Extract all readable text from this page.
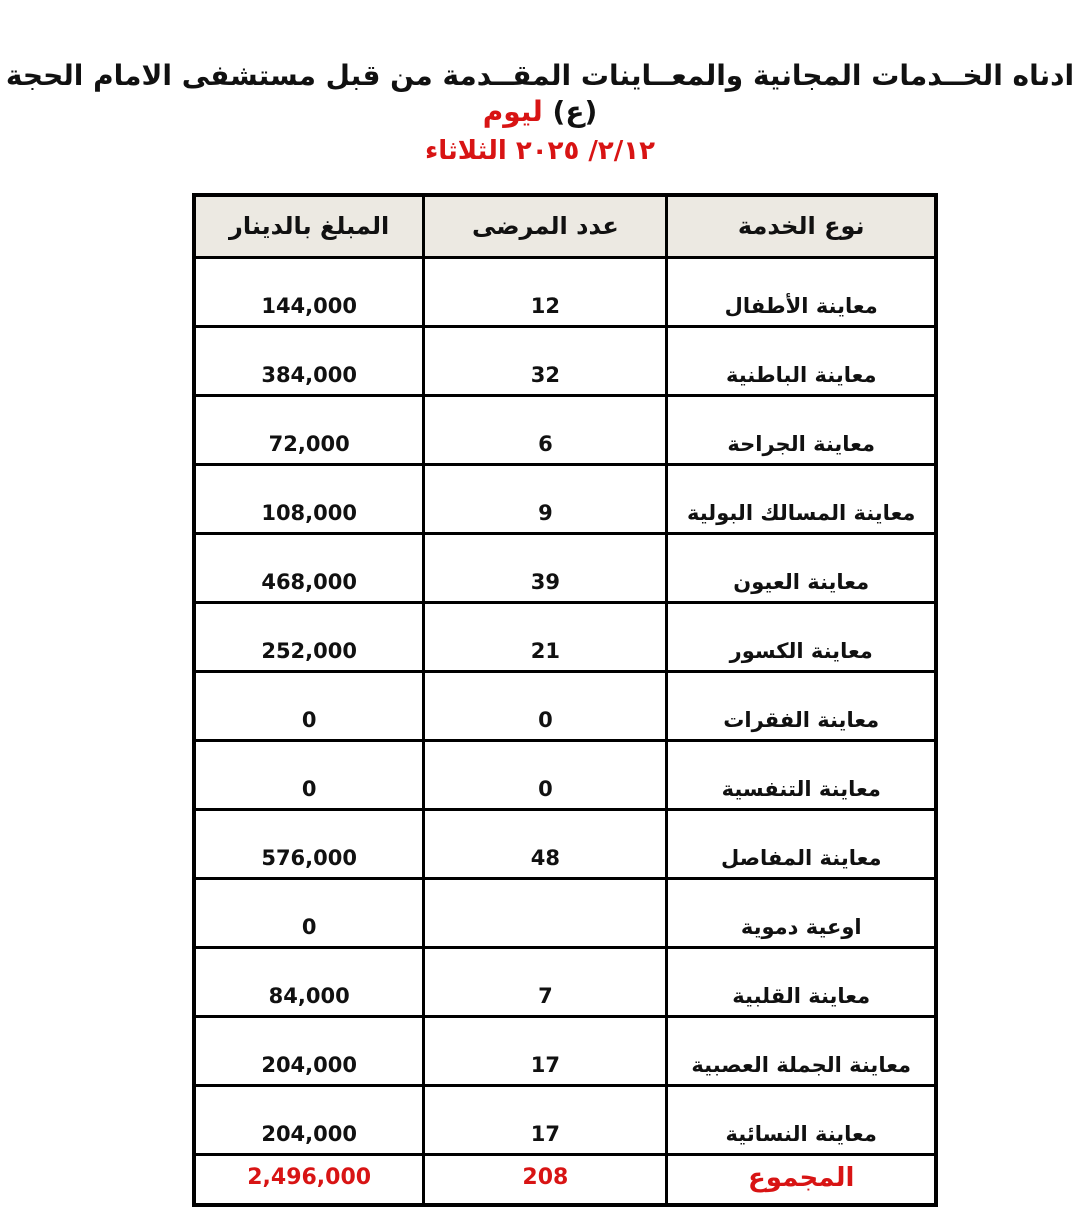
ادناه الخــدمات المجانية والمعــاينات المقــدمة من قبل مستشفى الامام الحجة (ع) ليوم
٢/١٢/ ٢٠٢٥ الثلاثاء
نوع الخدمة	عدد المرضى	المبلغ بالدينار
معاينة الأطفال	12	144,000
معاينة الباطنية	32	384,000
معاينة الجراحة	6	72,000
معاينة المسالك البولية	9	108,000
معاينة العيون	39	468,000
معاينة الكسور	21	252,000
معاينة الفقرات	0	0
معاينة التنفسية	0	0
معاينة المفاصل	48	576,000
اوعية دموية		0
معاينة القلبية	7	84,000
معاينة الجملة العصبية	17	204,000
معاينة النسائية	17	204,000
المجموع	208	2,496,000
